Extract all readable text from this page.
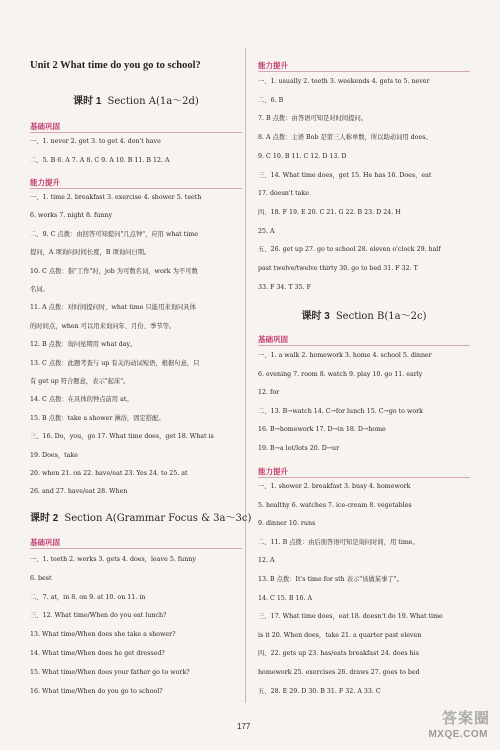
Unit 2 What time do you go to school?
课时 1 Section A(1a～2d)
基础巩固
一、1. never 2. get 3. to get 4. don't have
二、5. B 6. A 7. A 8. C 9. A 10. B 11. B 12. A
能力提升
一、1. time 2. breakfast 3. exercise 4. shower 5. teeth
6. works 7. night 8. funny
二、9. C 点拨：由回答可知提问"几点钟"，应用 what time
提问，A 项询问时间长度，B 项询问日期。
10. C 点拨：指"工作"时，job 为可数名词，work 为不可数
名词。
11. A 点拨：对时间提问时，what time 只能用来询问具体
的时间点，when 可以用来询问年、月份、季节等。
12. B 点拨：询问星期用 what day。
13. C 点拨：此题考查与 up 有关的动词短语，根据句意，只
有 get up 符合题意，表示"起床"。
14. C 点拨：在具体的钟点前用 at。
15. B 点拨：take a shower 淋浴，固定搭配。
三、16. Do，you，go 17. What time does，get 18. What is
19. Does，take
20. when 21. on 22. have/eat 23. Yes 24. to 25. at
26. and 27. have/eat 28. When
课时 2 Section A(Grammar Focus & 3a～3c)
基础巩固
一、1. teeth 2. works 3. gets 4. does，leave 5. funny
6. best
二、7. at，in 8. on 9. at 10. on 11. in
三、12. What time/When do you eat lunch?
13. What time/When does she take a shower?
14. What time/When does he get dressed?
15. What time/When does your father go to work?
16. What time/When do you go to school?
能力提升
一、1. usually 2. teeth 3. weekends 4. gets to 5. never
二、6. B
7. B 点拨：由答语可知是对时间提问。
8. A 点拨：主语 Bob 是第三人称单数，所以助动词用 does。
9. C 10. B 11. C 12. D 13. D
三、14. What time does，get 15. He has 16. Does，eat
17. doesn't take
四、18. F 19. E 20. C 21. G 22. B 23. D 24. H
25. A
五、26. get up 27. go to school 28. eleven o'clock 29. half
past twelve/twelve thirty 30. go to bed 31. F 32. T
33. F 34. T 35. F
课时 3 Section B(1a～2c)
基础巩固
一、1. a walk 2. homework 3. home 4. school 5. dinner
6. evening 7. room 8. watch 9. play 10. go 11. early
12. for
二、13. B→watch 14. C→for lunch 15. C→go to work
16. B→homework 17. D→in 18. D→home
19. B→a lot/lots 20. D→ur
能力提升
一、1. shower 2. breakfast 3. busy 4. homework
5. healthy 6. watches 7. ice-cream 8. vegetables
9. dinner 10. runs
二、11. B 点拨：由后面答语可知是询问时间，用 time。
12. A
13. B 点拨：It's time for sth 表示"该做某事了"。
14. C 15. B 16. A
三、17. What time does，eat 18. doesn't do 19. What time
is it 20. When does，take 21. a quarter past eleven
四、22. gets up 23. has/eats breakfast 24. does his
homework 25. exercises 26. draws 27. goes to bed
五、28. E 29. D 30. B 31. F 32. A 33. C
177	答案圈
MXQE.COM
